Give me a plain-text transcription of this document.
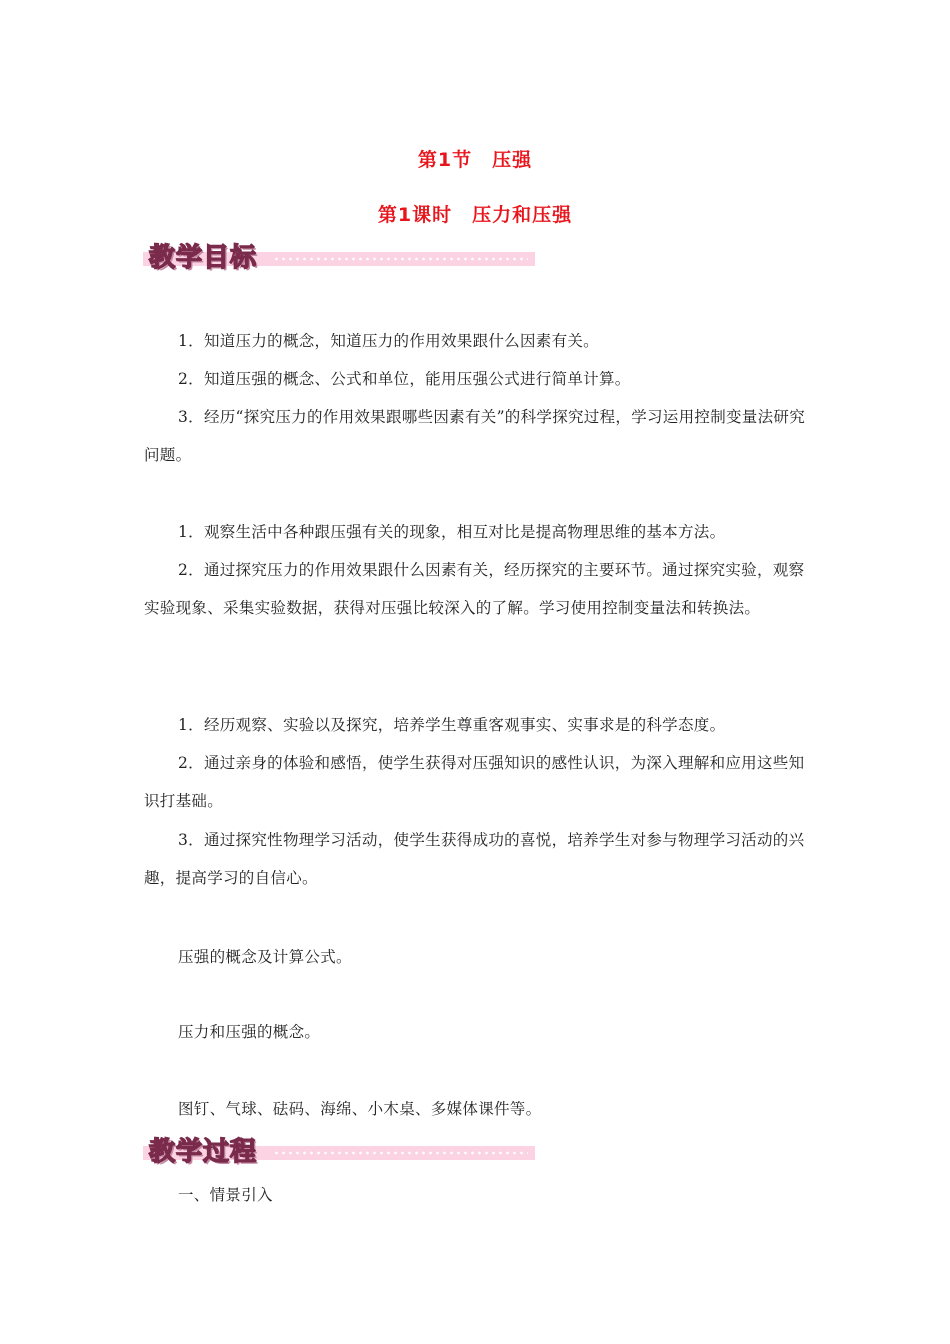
第1节　压强
第1课时　压力和压强
教学目标
1．知道压力的概念，知道压力的作用效果跟什么因素有关。
2．知道压强的概念、公式和单位，能用压强公式进行简单计算。
3．经历“探究压力的作用效果跟哪些因素有关”的科学探究过程，学习运用控制变量法研究问题。
1．观察生活中各种跟压强有关的现象，相互对比是提高物理思维的基本方法。
2．通过探究压力的作用效果跟什么因素有关，经历探究的主要环节。通过探究实验，观察实验现象、采集实验数据，获得对压强比较深入的了解。学习使用控制变量法和转换法。
1．经历观察、实验以及探究，培养学生尊重客观事实、实事求是的科学态度。
2．通过亲身的体验和感悟，使学生获得对压强知识的感性认识，为深入理解和应用这些知识打基础。
3．通过探究性物理学习活动，使学生获得成功的喜悦，培养学生对参与物理学习活动的兴趣，提高学习的自信心。
压强的概念及计算公式。
压力和压强的概念。
图钉、气球、砝码、海绵、小木桌、多媒体课件等。
教学过程
一、情景引入
